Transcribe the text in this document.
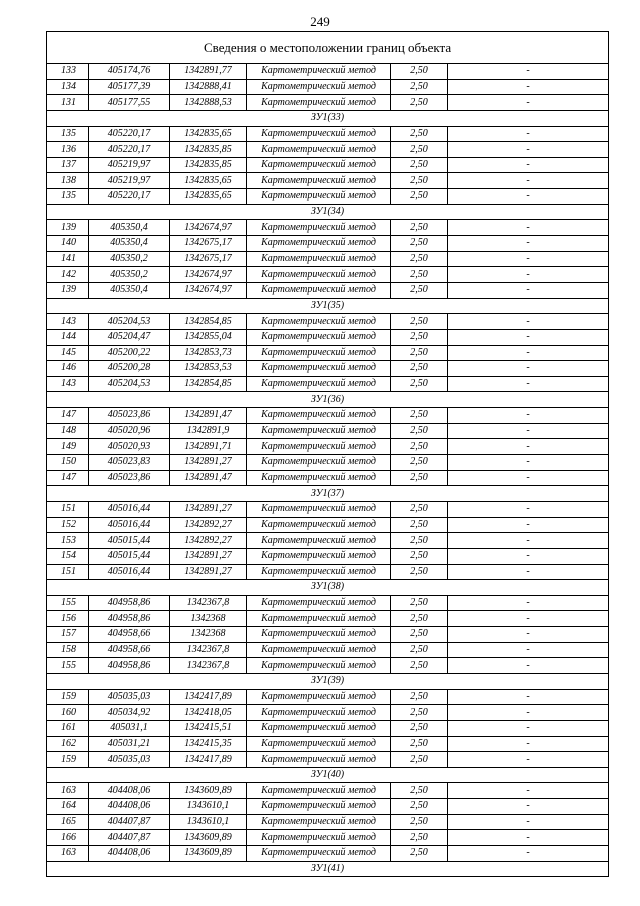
249
Сведения о местоположении границ объекта					
133	405174,76	1342891,77	Картометрический метод	2,50	-
134	405177,39	1342888,41	Картометрический метод	2,50	-
131	405177,55	1342888,53	Картометрический метод	2,50	-
ЗУ1(33)					
135	405220,17	1342835,65	Картометрический метод	2,50	-
136	405220,17	1342835,85	Картометрический метод	2,50	-
137	405219,97	1342835,85	Картометрический метод	2,50	-
138	405219,97	1342835,65	Картометрический метод	2,50	-
135	405220,17	1342835,65	Картометрический метод	2,50	-
ЗУ1(34)					
139	405350,4	1342674,97	Картометрический метод	2,50	-
140	405350,4	1342675,17	Картометрический метод	2,50	-
141	405350,2	1342675,17	Картометрический метод	2,50	-
142	405350,2	1342674,97	Картометрический метод	2,50	-
139	405350,4	1342674,97	Картометрический метод	2,50	-
ЗУ1(35)					
143	405204,53	1342854,85	Картометрический метод	2,50	-
144	405204,47	1342855,04	Картометрический метод	2,50	-
145	405200,22	1342853,73	Картометрический метод	2,50	-
146	405200,28	1342853,53	Картометрический метод	2,50	-
143	405204,53	1342854,85	Картометрический метод	2,50	-
ЗУ1(36)					
147	405023,86	1342891,47	Картометрический метод	2,50	-
148	405020,96	1342891,9	Картометрический метод	2,50	-
149	405020,93	1342891,71	Картометрический метод	2,50	-
150	405023,83	1342891,27	Картометрический метод	2,50	-
147	405023,86	1342891,47	Картометрический метод	2,50	-
ЗУ1(37)					
151	405016,44	1342891,27	Картометрический метод	2,50	-
152	405016,44	1342892,27	Картометрический метод	2,50	-
153	405015,44	1342892,27	Картометрический метод	2,50	-
154	405015,44	1342891,27	Картометрический метод	2,50	-
151	405016,44	1342891,27	Картометрический метод	2,50	-
ЗУ1(38)					
155	404958,86	1342367,8	Картометрический метод	2,50	-
156	404958,86	1342368	Картометрический метод	2,50	-
157	404958,66	1342368	Картометрический метод	2,50	-
158	404958,66	1342367,8	Картометрический метод	2,50	-
155	404958,86	1342367,8	Картометрический метод	2,50	-
ЗУ1(39)					
159	405035,03	1342417,89	Картометрический метод	2,50	-
160	405034,92	1342418,05	Картометрический метод	2,50	-
161	405031,1	1342415,51	Картометрический метод	2,50	-
162	405031,21	1342415,35	Картометрический метод	2,50	-
159	405035,03	1342417,89	Картометрический метод	2,50	-
ЗУ1(40)					
163	404408,06	1343609,89	Картометрический метод	2,50	-
164	404408,06	1343610,1	Картометрический метод	2,50	-
165	404407,87	1343610,1	Картометрический метод	2,50	-
166	404407,87	1343609,89	Картометрический метод	2,50	-
163	404408,06	1343609,89	Картометрический метод	2,50	-
ЗУ1(41)					
